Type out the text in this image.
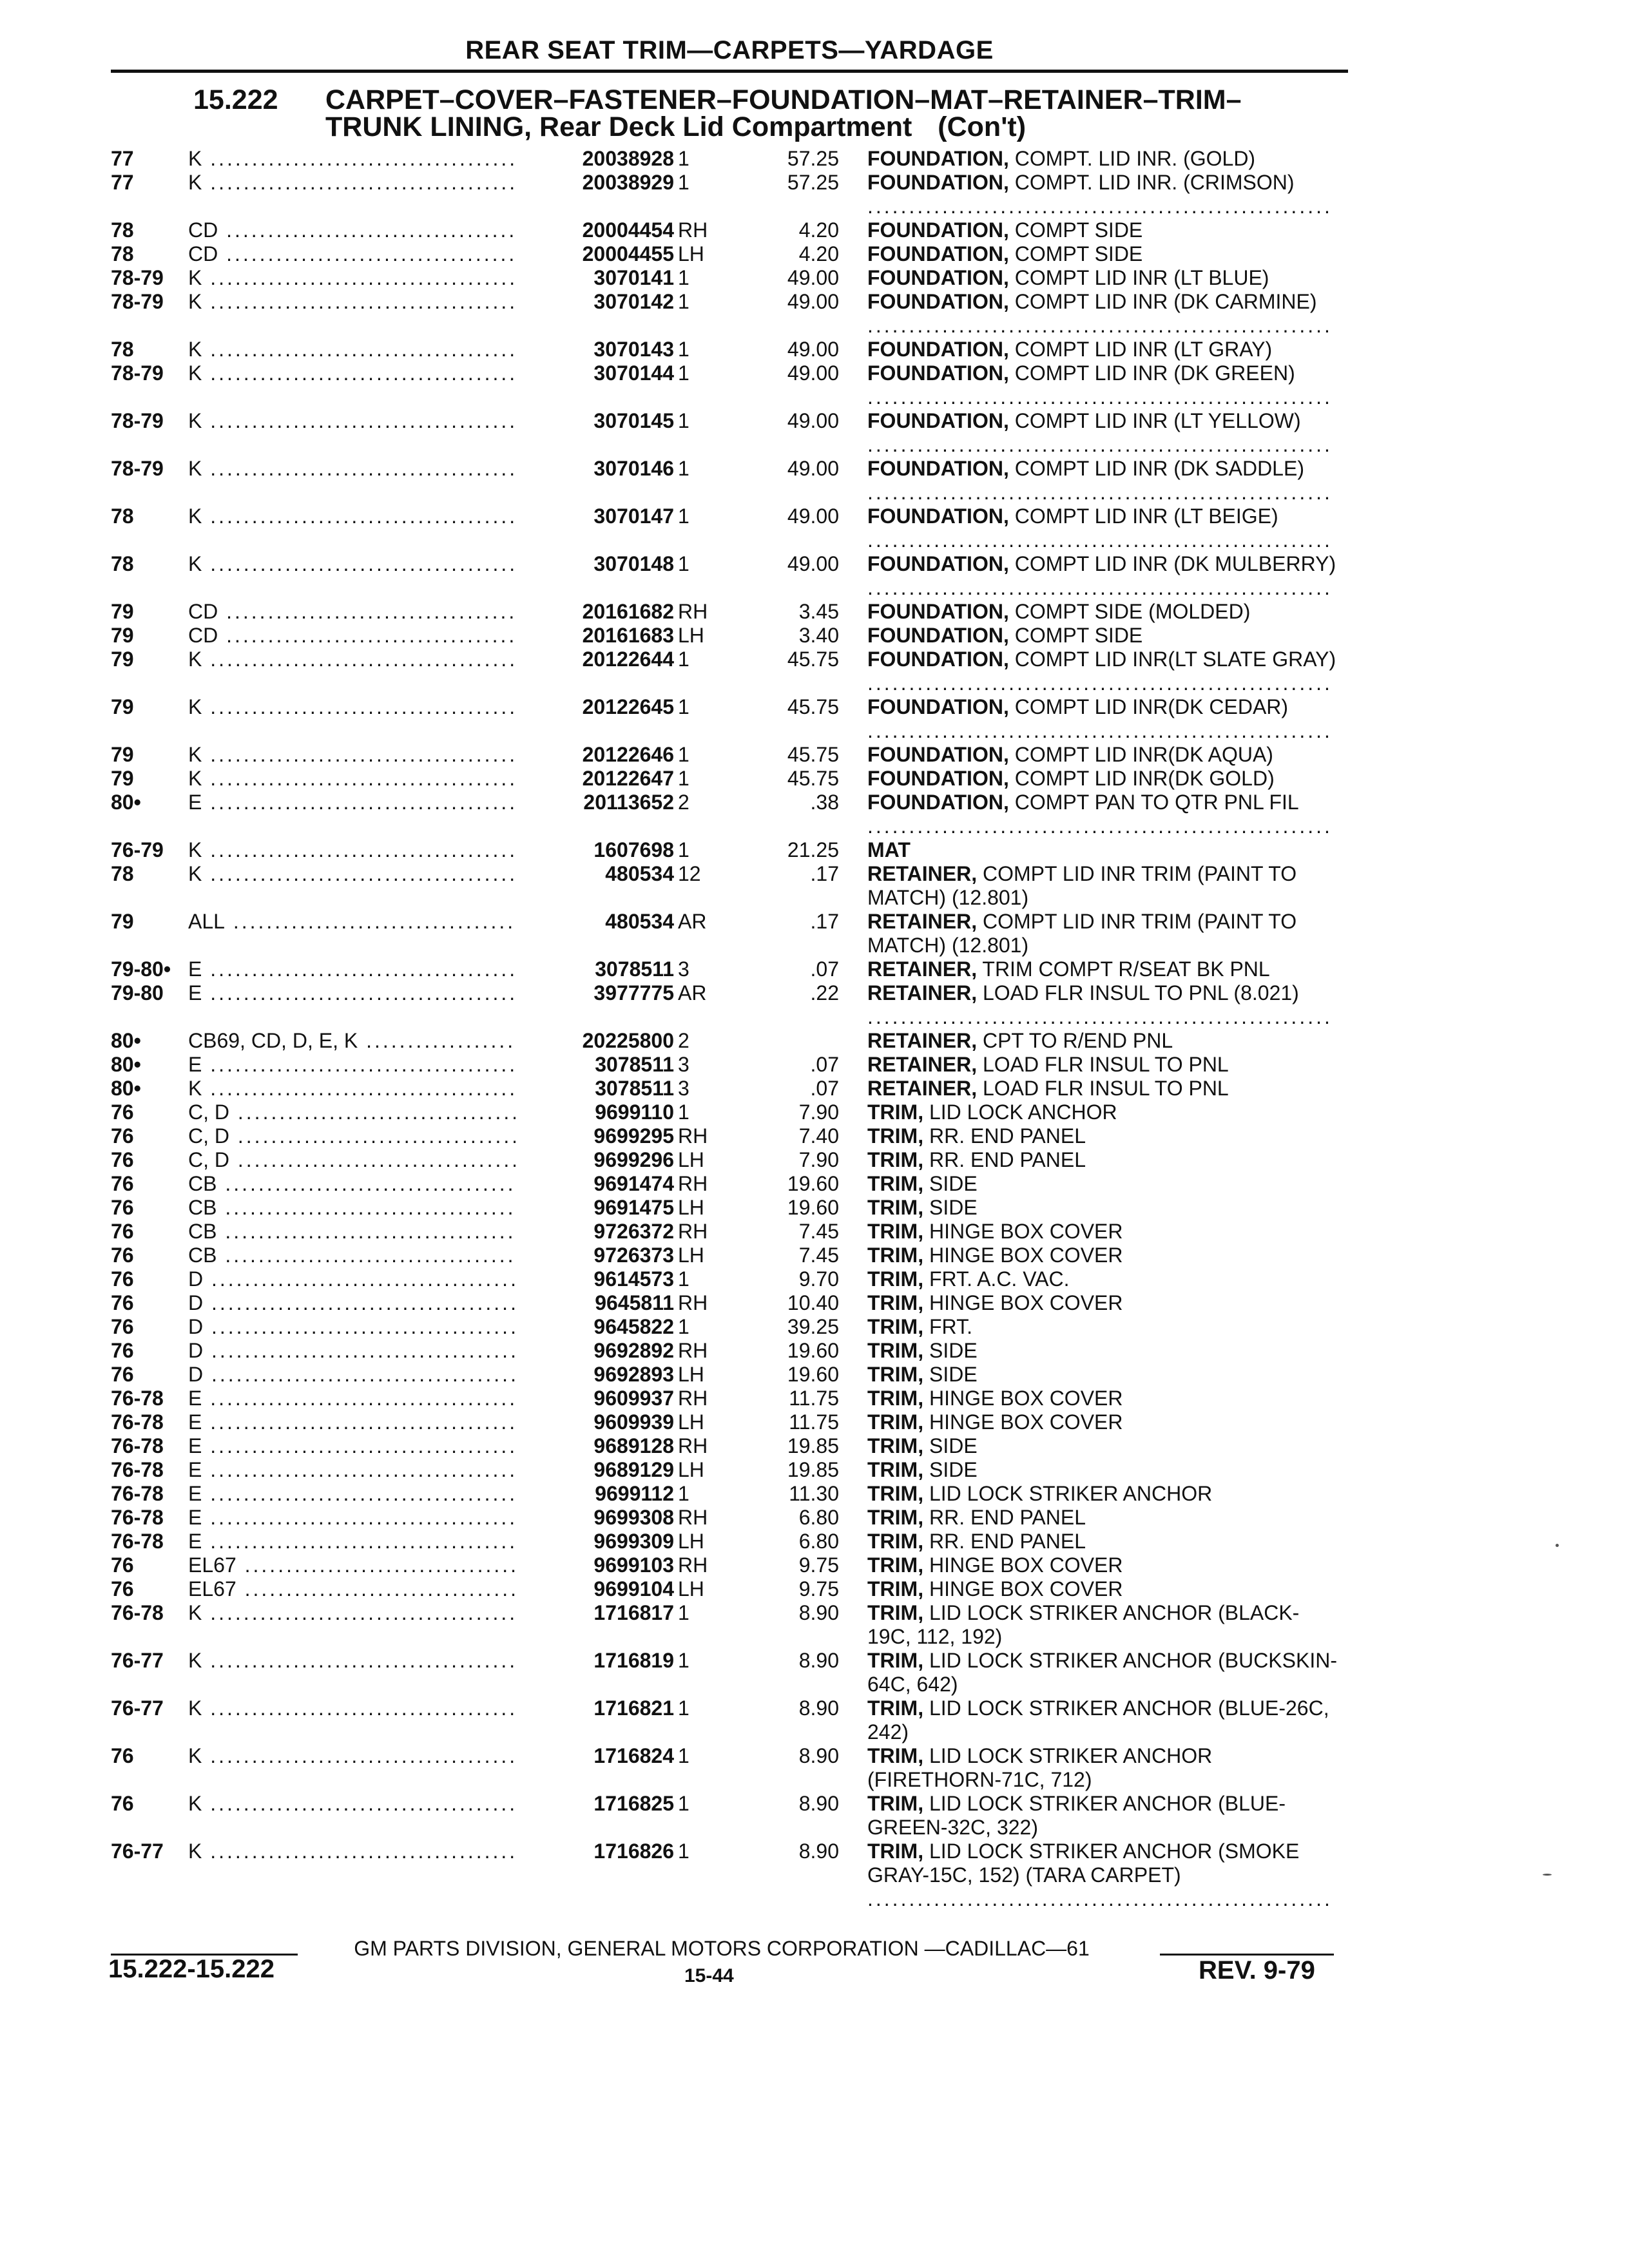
REAR SEAT TRIM—CARPETS—YARDAGE
15.222 CARPET–COVER–FASTENER–FOUNDATION–MAT–RETAINER–TRIM–
TRUNK LINING, Rear Deck Lid Compartment (Con't)
77	K .....	20038928 1	57.25 FOUNDATION, COMPT. LID INR. (GOLD) .....
77	K .....	20038929 1	57.25 FOUNDATION, COMPT. LID INR. (CRIMSON) .....
78	CD .....	20004454 RH	4.20 FOUNDATION, COMPT SIDE .....
78	CD .....	20004455 LH	4.20 FOUNDATION, COMPT SIDE .....
78-79	K .....	3070141 1	49.00 FOUNDATION, COMPT LID INR (LT BLUE) .....
78-79	K .....	3070142 1	49.00 FOUNDATION, COMPT LID INR (DK CARMINE) .....
78	K .....	3070143 1	49.00 FOUNDATION, COMPT LID INR (LT GRAY) .....
78-79	K .....	3070144 1	49.00 FOUNDATION, COMPT LID INR (DK GREEN) .....
78-79	K .....	3070145 1	49.00 FOUNDATION, COMPT LID INR (LT YELLOW) .....
78-79	K .....	3070146 1	49.00 FOUNDATION, COMPT LID INR (DK SADDLE) .....
78	K .....	3070147 1	49.00 FOUNDATION, COMPT LID INR (LT BEIGE) .....
78	K .....	3070148 1	49.00 FOUNDATION, COMPT LID INR (DK MULBERRY) .....
79	CD .....	20161682 RH	3.45 FOUNDATION, COMPT SIDE (MOLDED) .....
79	CD .....	20161683 LH	3.40 FOUNDATION, COMPT SIDE .....
79	K .....	20122644 1	45.75 FOUNDATION, COMPT LID INR(LT SLATE GRAY) .....
79	K .....	20122645 1	45.75 FOUNDATION, COMPT LID INR(DK CEDAR) .....
79	K .....	20122646 1	45.75 FOUNDATION, COMPT LID INR(DK AQUA) .....
79	K .....	20122647 1	45.75 FOUNDATION, COMPT LID INR(DK GOLD) .....
80•	E .....	20113652 2	.38 FOUNDATION, COMPT PAN TO QTR PNL FIL .....
76-79	K .....	1607698 1	21.25 MAT
78	K .....	480534 12	.17 RETAINER, COMPT LID INR TRIM (PAINT TO MATCH) (12.801) .....
79	ALL .....	480534 AR	.17 RETAINER, COMPT LID INR TRIM (PAINT TO MATCH) (12.801) .....
79-80• E .....	3078511 3	.07 RETAINER, TRIM COMPT R/SEAT BK PNL .....
79-80	E .....	3977775 AR	.22 RETAINER, LOAD FLR INSUL TO PNL (8.021) .....
80•	CB69, CD, D, E, K .....	20225800 2	RETAINER, CPT TO R/END PNL .....
80•	E .....	3078511 3	.07 RETAINER, LOAD FLR INSUL TO PNL .....
80•	K .....	3078511 3	.07 RETAINER, LOAD FLR INSUL TO PNL .....
76	C, D .....	9699110 1	7.90 TRIM, LID LOCK ANCHOR .....
76	C, D .....	9699295 RH	7.40 TRIM, RR. END PANEL .....
76	C, D .....	9699296 LH	7.90 TRIM, RR. END PANEL .....
76	CB .....	9691474 RH	19.60 TRIM, SIDE .....
76	CB .....	9691475 LH	19.60 TRIM, SIDE .....
76	CB .....	9726372 RH	7.45 TRIM, HINGE BOX COVER .....
76	CB .....	9726373 LH	7.45 TRIM, HINGE BOX COVER .....
76	D .....	9614573 1	9.70 TRIM, FRT. A.C. VAC. .....
76	D .....	9645811 RH	10.40 TRIM, HINGE BOX COVER .....
76	D .....	9645822 1	39.25 TRIM, FRT. .....
76	D .....	9692892 RH	19.60 TRIM, SIDE .....
76	D .....	9692893 LH	19.60 TRIM, SIDE .....
76-78	E .....	9609937 RH	11.75 TRIM, HINGE BOX COVER .....
76-78	E .....	9609939 LH	11.75 TRIM, HINGE BOX COVER .....
76-78	E .....	9689128 RH	19.85 TRIM, SIDE .....
76-78	E .....	9689129 LH	19.85 TRIM, SIDE .....
76-78	E .....	9699112 1	11.30 TRIM, LID LOCK STRIKER ANCHOR .....
76-78	E .....	9699308 RH	6.80 TRIM, RR. END PANEL .....
76-78	E .....	9699309 LH	6.80 TRIM, RR. END PANEL .....
76	EL67 .....	9699103 RH	9.75 TRIM, HINGE BOX COVER .....
76	EL67 .....	9699104 LH	9.75 TRIM, HINGE BOX COVER .....
76-78	K .....	1716817 1	8.90 TRIM, LID LOCK STRIKER ANCHOR (BLACK-19C, 112, 192) .....
76-77	K .....	1716819 1	8.90 TRIM, LID LOCK STRIKER ANCHOR (BUCKSKIN-64C, 642) .....
76-77	K .....	1716821 1	8.90 TRIM, LID LOCK STRIKER ANCHOR (BLUE-26C, 242) .....
76	K .....	1716824 1	8.90 TRIM, LID LOCK STRIKER ANCHOR (FIRETHORN-71C, 712) .....
76	K .....	1716825 1	8.90 TRIM, LID LOCK STRIKER ANCHOR (BLUE-GREEN-32C, 322) .....
76-77	K .....	1716826 1	8.90 TRIM, LID LOCK STRIKER ANCHOR (SMOKE GRAY-15C, 152) (TARA CARPET) .....
GM PARTS DIVISION, GENERAL MOTORS CORPORATION —CADILLAC—61
15.222-15.222	15-44	REV. 9-79
